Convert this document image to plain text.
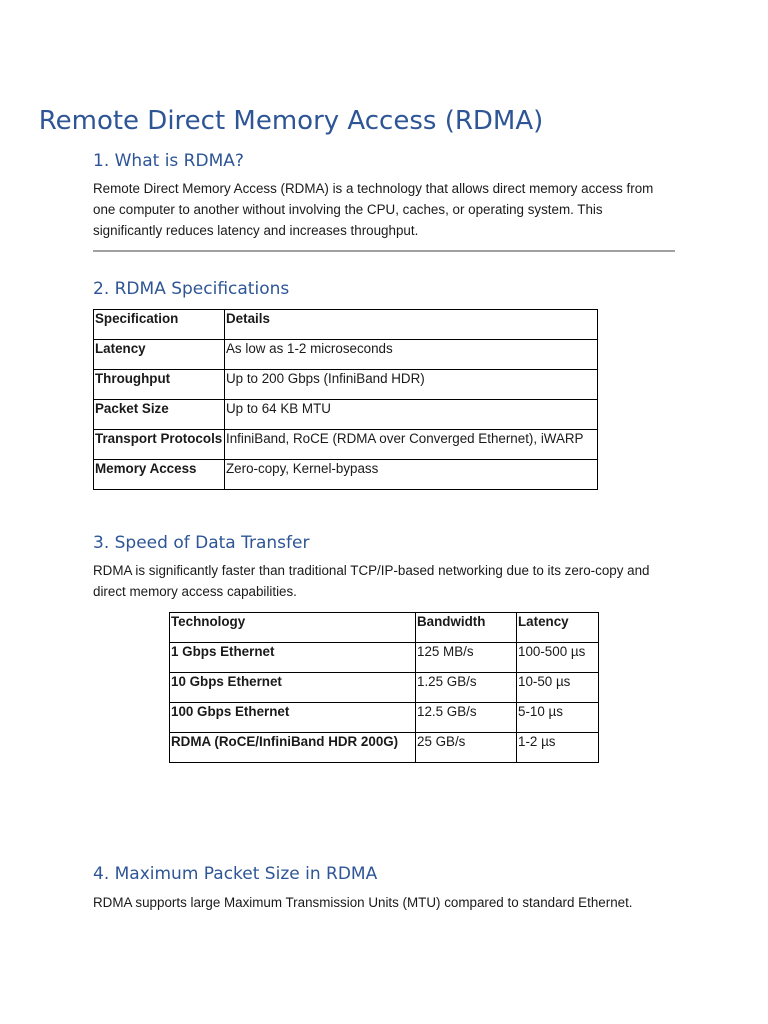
Remote Direct Memory Access (RDMA)
1. What is RDMA?

Remote Direct Memory Access (RDMA) is a technology that allows direct memory access from one computer to another without involving the CPU, caches, or operating system. This significantly reduces latency and increases throughput.

2. RDMA Specifications
Specification	Details
Latency	As low as 1-2 microseconds
Throughput	Up to 200 Gbps (InfiniBand HDR)
Packet Size	Up to 64 KB MTU
Transport Protocols	InfiniBand, RoCE (RDMA over Converged Ethernet), iWARP
Memory Access	Zero-copy, Kernel-bypass
3. Speed of Data Transfer

RDMA is significantly faster than traditional TCP/IP-based networking due to its zero-copy and direct memory access capabilities.

Technology	Bandwidth	Latency
1 Gbps Ethernet	125 MB/s	100-500 µs
10 Gbps Ethernet	1.25 GB/s	10-50 µs
100 Gbps Ethernet	12.5 GB/s	5-10 µs
RDMA (RoCE/InfiniBand HDR 200G)	25 GB/s	1-2 µs
4. Maximum Packet Size in RDMA

RDMA supports large Maximum Transmission Units (MTU) compared to standard Ethernet.
